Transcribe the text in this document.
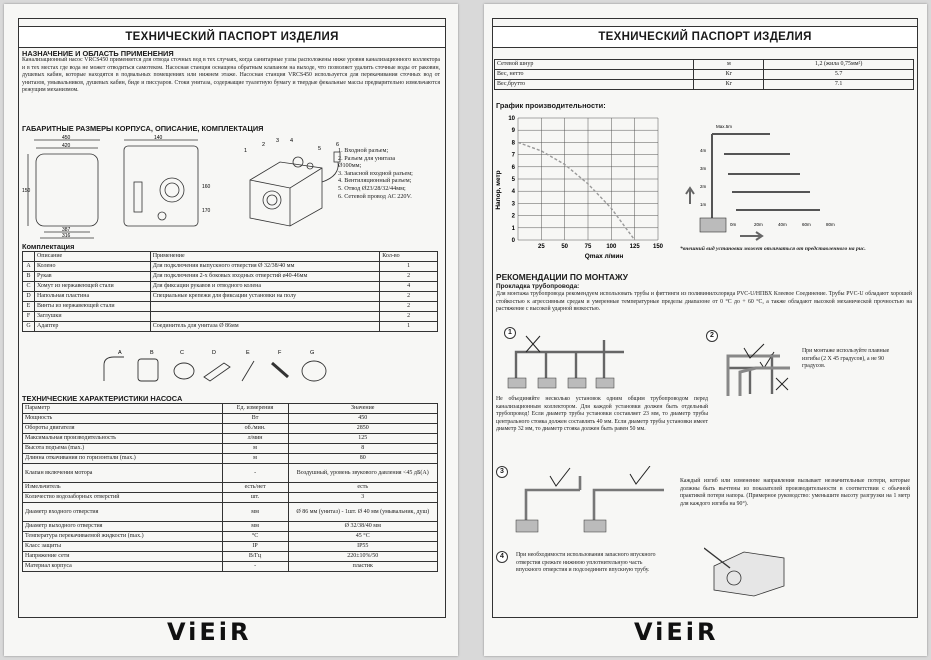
ТЕХНИЧЕСКИЙ ПАСПОРТ ИЗДЕЛИЯ
НАЗНАЧЕНИЕ И ОБЛАСТЬ ПРИМЕНЕНИЯ
Канализационный насос VRCS450 применяется для отвода сточных вод в тех случаях, когда санитарные узлы расположены ниже уровня канализационного коллектора и в тех местах где вода не может отводиться самотеком. Насосная станция оснащена обратным клапаном на выходе, что позволяет удалить сточные воды от раковин, душевых кабин, которые находятся в подвальных помещениях или нижнем этаже. Насосная станция VRCS450 используется для перекачивания сточных вод от унитазов, умывальников, душевых кабин, биде и писсуаров. Стоки унитаза, содержащие туалетную бумагу и твердые фекальные массы предварительно измельчаются режущим механизмом.
ГАБАРИТНЫЕ РАЗМЕРЫ КОРПУСА, ОПИСАНИЕ, КОМПЛЕКТАЦИЯ
450
420
150
387
316
140
160
170
1
2
3 4
5
6
1. Входной разъем;
2. Разъем для унитаза
Ø100мм;
3. Запасной входной разъем;
4. Вентиляционный разъем;
5. Отвод Ø23/28/32/44мм;
6. Сетевой провод АС 220V.
Комплектация
	Описание	Применение	Кол-во
A	Колено	Для подключения выпускного отверстия Ø 32/38/40 мм	1
B	Рукав	Для подключения 2-х боковых входных отверстий ø40-46мм	2
C	Хомут из нержавеющей стали	Для фиксации рукавов и отводного колена	4
D	Напольная пластина	Специальные крепежи для фиксации установки на полу	2
E	Винты из нержавеющей стали		2
F	Заглушки		2
G	Адаптер	Соединитель для унитаза Ø 86мм	1
A	B	C	D	E	F	G
ТЕХНИЧЕСКИЕ ХАРАКТЕРИСТИКИ НАСОСА
Параметр	Ед. измерения	Значение
Мощность	Вт	450
Обороты двигателя	об./мин.	2850
Максимальная производительность	л/мин	125
Высота подъема (max.)	м	8
Длинна откачивания по горизонтали (max.)	м	80
Клапан включения мотора	-	Воздушный, уровень звукового давления <45 дБ(А)
Измельчитель	есть/нет	есть
Количество водозаборных отверстий	шт.	3
Диаметр входного отверстия	мм	Ø 86 мм (унитаз) - 1шт. Ø 40 мм (умывальник, душ)
Диаметр выходного отверстия	мм	Ø 32/38/40 мм
Температура перекачиваемой жидкости (max.)	°С	45 °С
Класс защиты	IP	IP55
Напряжение сети	В/Гц	220±10%/50
Материал корпуса	-	пластик
ViEiR
ТЕХНИЧЕСКИЙ ПАСПОРТ ИЗДЕЛИЯ
Сетевой шнур	м	1,2 (жила 0,75мм²)
Вес, нетто	Кг	5.7
Вес,брутто	Кг	7.1
График производительности:
0
1
2
3
4
5
6
7
8
9
10
25	50	75 100 125 150
Напор, метр
Qmax л/мин
Max.5m
4m
3m
2m
1m
0m	20m	40m	60m	80m
*внешний вид установки может отличаться от представленного на рис.
РЕКОМЕНДАЦИИ ПО МОНТАЖУ
Прокладка трубопровода:
Для монтажа трубопровода рекомендуем использовать трубы и фиттинги из поливинилхлорида PVC-U/НПВХ Клеевое Соединение. Трубы PVC-U обладают хорошей стойкостью к агрессивным средам и умеренные температурные пределы диапазоне от 0 °С до + 60 °С, а также обладают высокой механической прочностью на растяжение с высокой ударной вязкостью.
1
Не объединяйте несколько установок одним общим трубопроводом перед канализационным коллектором. Для каждой установки должен быть отдельный трубопровод! Если диаметр трубы установки составляет 23 мм, то диаметр трубы центрального стояка должен составлять 40 мм. Если диаметр трубы установки имеет диаметр 32 мм, то диаметр стояка должен быть равен 50 мм.
2
При монтаже используйте плавные изгибы (2 Х 45 градусов), а не 90 градусов.
3
Каждый изгиб или изменение направления вызывает незначительные потери, которые должны быть вычтены из показателей производительности в соответствии с обычной практикой потери напора. (Примерное руководство: уменьшите высоту разгрузки на 1 метр для каждого изгиба на 90°).
4	При необходимости использования запасного впускного отверстия срежьте нижнюю уплотнительную часть впускного отверстия и подсоедините впускную трубу.
ViEiR
